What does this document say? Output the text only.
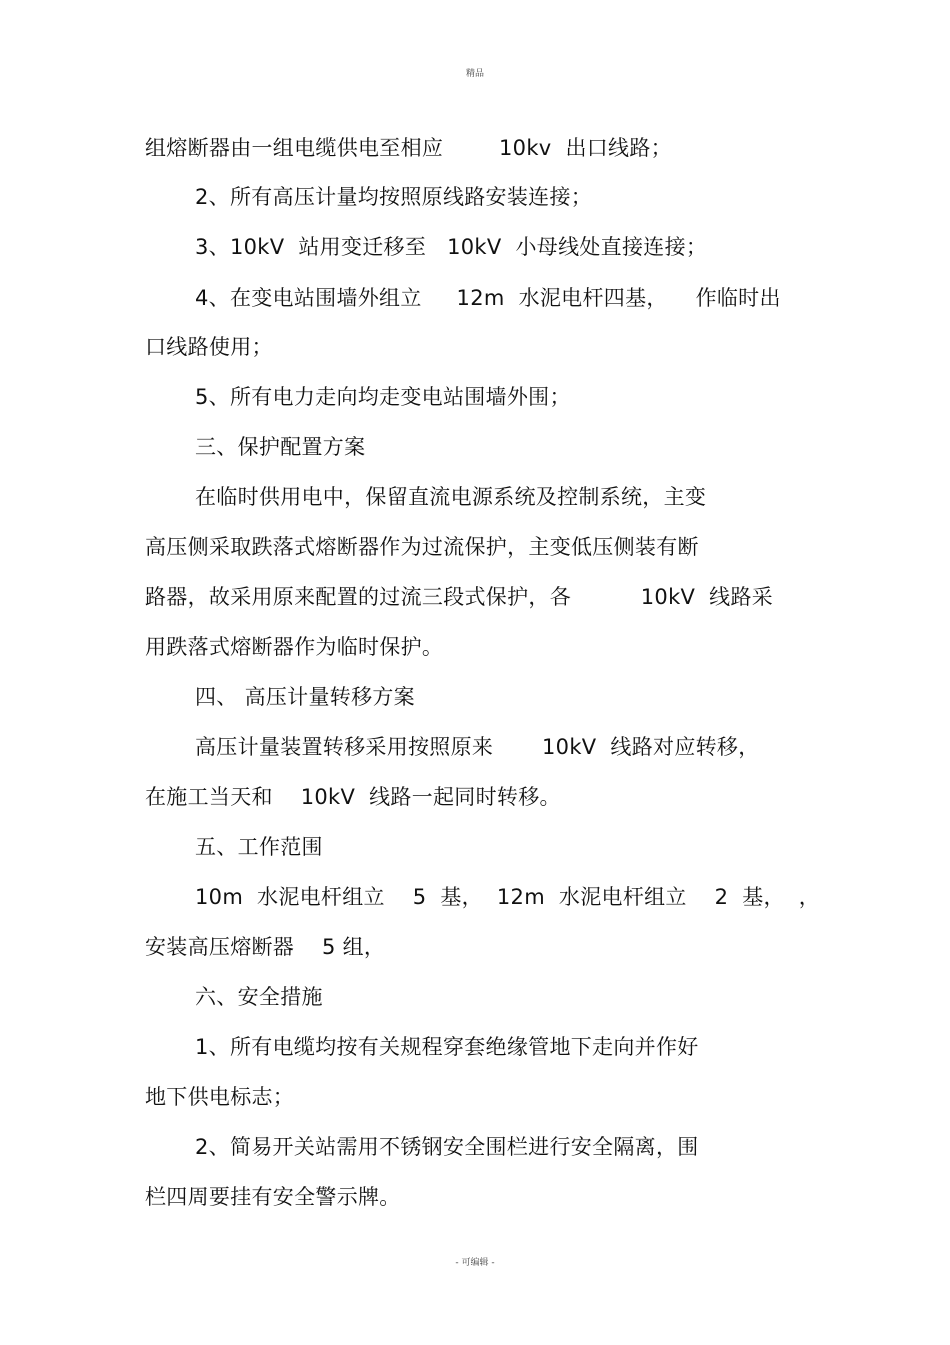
精品
组熔断器由一组电缆供电至相应        10kv  出口线路；
2、所有高压计量均按照原线路安装连接；
3、10kV  站用变迁移至   10kV  小母线处直接连接；
4、在变电站围墙外组立     12m  水泥电杆四基，    作临时出
口线路使用；
5、所有电力走向均走变电站围墙外围；
三、保护配置方案
在临时供用电中，保留直流电源系统及控制系统，主变
高压侧采取跌落式熔断器作为过流保护，主变低压侧装有断
路器，故采用原来配置的过流三段式保护，各          10kV  线路采
用跌落式熔断器作为临时保护。
四、 高压计量转移方案
高压计量装置转移采用按照原来       10kV  线路对应转移，
在施工当天和    10kV  线路一起同时转移。
五、工作范围
10m  水泥电杆组立    5  基，  12m  水泥电杆组立    2  基，  ，
安装高压熔断器    5 组，
六、安全措施
1、所有电缆均按有关规程穿套绝缘管地下走向并作好
地下供电标志；
2、简易开关站需用不锈钢安全围栏进行安全隔离，围
栏四周要挂有安全警示牌。
- 可编辑 -
